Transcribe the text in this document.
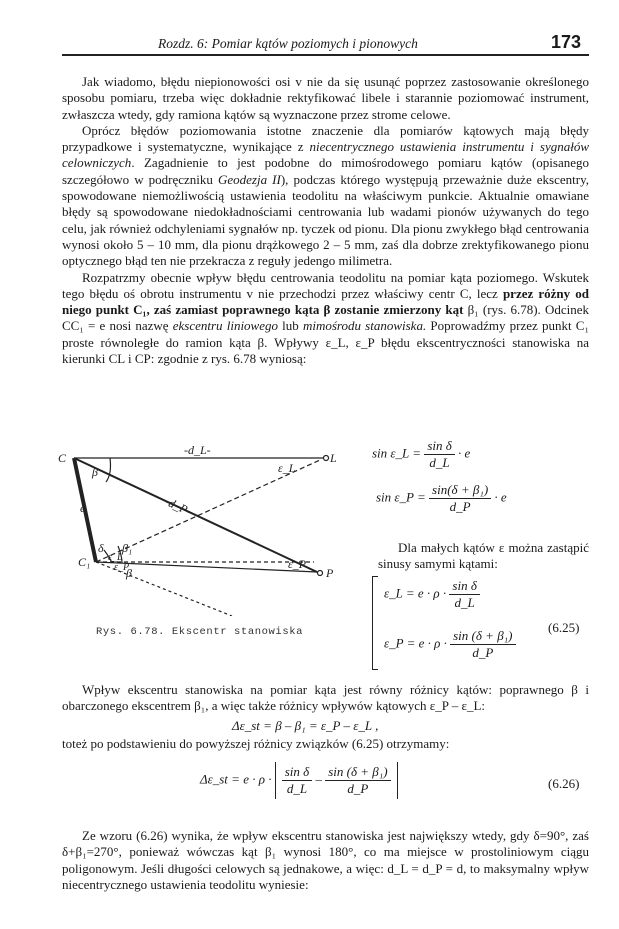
Rozdz. 6: Pomiar kątów poziomych i pionowych	173

Jak wiadomo, błędu niepionowości osi v nie da się usunąć poprzez zastosowanie określonego sposobu pomiaru, trzeba więc dokładnie rektyfikować libele i starannie poziomować instrument, zwłaszcza wtedy, gdy ramiona kątów są wyznaczone przez strome celowe.

Oprócz błędów poziomowania istotne znaczenie dla pomiarów kątowych mają błędy przypadkowe i systematyczne, wynikające z niecentrycznego ustawienia instrumentu i sygnałów celowniczych. Zagadnienie to jest podobne do mimośrodowego pomiaru kątów (opisanego szczegółowo w podręczniku Geodezja II), podczas którego występują przeważnie duże ekscentry, spowodowane niemożliwością ustawienia teodolitu na właściwym punkcie. Aktualnie omawiane błędy są spowodowane niedokładnościami centrowania lub wadami pionów używanych do tego celu, jak również odchyleniami sygnałów np. tyczek od pionu. Dla pionu zwykłego błąd centrowania wynosi około 5 – 10 mm, dla pionu drążkowego 2 – 5 mm, zaś dla dobrze zrektyfikowanego pionu optycznego błąd ten nie przekracza z reguły jedengo milimetra.

Rozpatrzmy obecnie wpływ błędu centrowania teodolitu na pomiar kąta poziomego. Wskutek tego błędu oś obrotu instrumentu v nie przechodzi przez właściwy centr C, lecz przez różny od niego punkt C₁, zaś zamiast poprawnego kąta β zostanie zmierzony kąt β₁ (rys. 6.78). Odcinek CC₁ = e nosi nazwę ekscentru liniowego lub mimośrodu stanowiska. Poprowadźmy przez punkt C₁ proste równoległe do ramion kąta β. Wpływy ε_L, ε_P błędu ekscentryczności stanowiska na kierunki CL i CP: zgodnie z rys. 6.78 wyniosą:

C
C₁
L
P
e
-d_L-
-d_P-
β
β₁
β
δ
ε_L
ε_L	ε_P
ε_P
Rys. 6.78. Ekscentr stanowiska
sin ε_L = $\frac{\text{sin δ}}{d\_L} \cdot e$
sin ε_P = $\frac{\text{sin(δ + β₁)}}{d\_P} \cdot e$
Dla małych kątów ε można zastąpić sinusy samymi kątami:
ε_L = $e \cdot \rho \cdot \frac{\text{sin δ}}{d\_L}$
ε_P = $e \cdot \rho \cdot \frac{\text{sin (δ + β₁)}}{d\_P}$
(6.25)

Wpływ ekscentru stanowiska na pomiar kąta jest równy różnicy kątów: poprawnego β i obarczonego ekscentrem β₁, a więc także różnicy wpływów kątowych ε_P – ε_L:

Δε_st = β – β₁ = ε_P – ε_L ,

toteż po podstawieniu do powyższej różnicy związków (6.25) otrzymamy:

Δε_st = $e \cdot \rho \cdot \frac{\text{sin δ}}{d\_L} - \frac{\text{sin (δ + β₁)}}{d\_P}$	(6.26)

Ze wzoru (6.26) wynika, że wpływ ekscentru stanowiska jest największy wtedy, gdy δ=90°, zaś δ+β₁=270°, ponieważ wówczas kąt β₁ wynosi 180°, co ma miejsce w prostoliniowym ciągu poligonowym. Jeśli długości celowych są jednakowe, a więc: d_L = d_P = d, to maksymalny wpływ niecentrycznego ustawienia teodolitu wyniesie:
